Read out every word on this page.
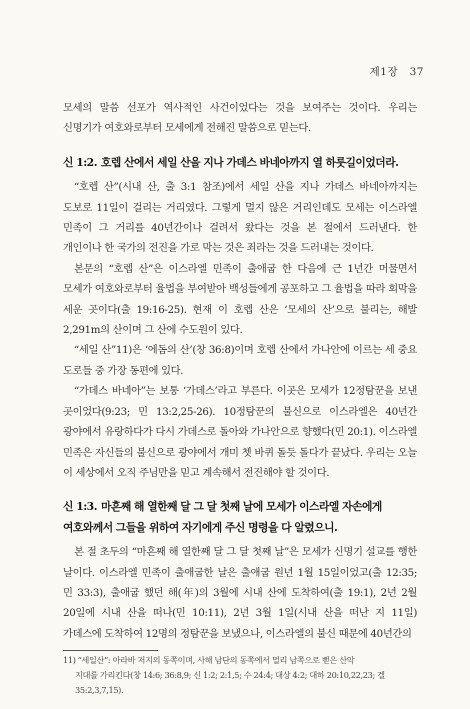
제1장 37

모세의 말씀 선포가 역사적인 사건이었다는 것을 보여주는 것이다. 우리는 신명기가 여호와로부터 모세에게 전해진 말씀으로 믿는다.

신 1:2. 호렙 산에서 세일 산을 지나 가데스 바네아까지 열 하룻길이었더라.

“호렙 산”(시내 산, 출 3:1 참조)에서 세일 산을 지나 가데스 바네아까지는 도보로 11일이 걸리는 거리였다. 그렇게 멀지 않은 거리인데도 모세는 이스라엘 민족이 그 거리를 40년간이나 걸려서 왔다는 것을 본 절에서 드러낸다. 한 개인이나 한 국가의 전진을 가로 막는 것은 죄라는 것을 드러내는 것이다.

본문의 “호렙 산”은 이스라엘 민족이 출애굽 한 다음에 근 1년간 머물면서 모세가 여호와로부터 율법을 부여받아 백성들에게 공포하고 그 율법을 따라 회막을 세운 곳이다(출 19:16-25). 현재 이 호렙 산은 ‘모세의 산’으로 불리는, 해발 2,291m의 산이며 그 산에 수도원이 있다.

“세일 산”11)은 ‘에돔의 산’(창 36:8)이며 호렙 산에서 가나안에 이르는 세 중요 도로들 중 가장 동편에 있다.

“가데스 바네아”는 보통 ‘가데스’라고 부른다. 이곳은 모세가 12정탐꾼을 보낸 곳이었다(9:23; 민 13:2,25-26). 10정탐꾼의 불신으로 이스라엘은 40년간 광야에서 유랑하다가 다시 가데스로 돌아와 가나안으로 향했다(민 20:1). 이스라엘 민족은 자신들의 불신으로 광야에서 개미 쳇 바퀴 돌듯 돌다가 끝났다. 우리는 오늘 이 세상에서 오직 주님만을 믿고 계속해서 전진해야 할 것이다.

신 1:3. 마흔째 해 열한째 달 그 달 첫째 날에 모세가 이스라엘 자손에게 여호와께서 그들을 위하여 자기에게 주신 명령을 다 알렸으니.

본 절 초두의 “마흔째 해 열한째 달 그 달 첫째 날”은 모세가 신명기 설교를 행한 날이다. 이스라엘 민족이 출애굽한 날은 출애굽 원년 1월 15일이었고(출 12:35; 민 33:3), 출애굽 했던 해(年)의 3월에 시내 산에 도착하여(출 19:1), 2년 2월 20일에 시내 산을 떠나(민 10:11), 2년 3월 1일(시내 산을 떠난 지 11일) 가데스에 도착하여 12명의 정탐꾼을 보냈으나, 이스라엘의 불신 때문에 40년간의

11) “세일산”: 아라바 저지의 동쪽이며, 사해 남단의 동쪽에서 멀리 남쪽으로 뻗은 산악
지대를 가리킨다(창 14:6; 36:8,9; 신 1:2; 2:1,5; 수 24:4; 대상 4:2; 대하 20:10,22,23; 겔 35:2,3,7,15).
